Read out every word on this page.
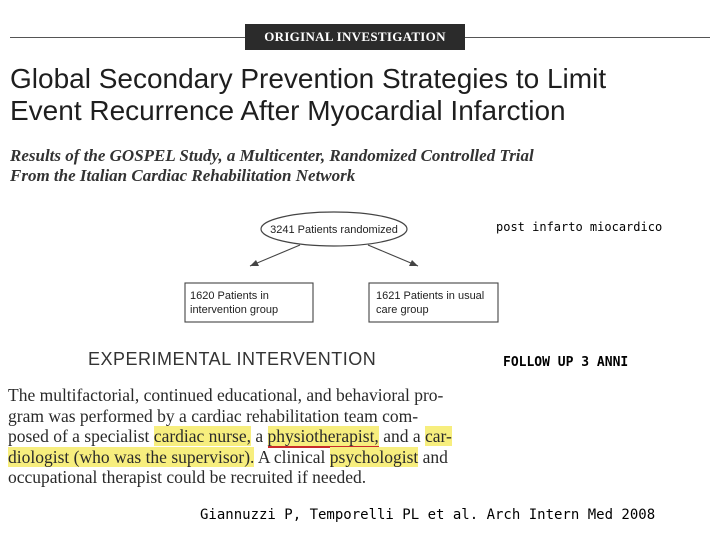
ORIGINAL INVESTIGATION
Global Secondary Prevention Strategies to Limit
Event Recurrence After Myocardial Infarction
Results of the GOSPEL Study, a Multicenter, Randomized Controlled Trial
From the Italian Cardiac Rehabilitation Network
3241 Patients randomized
1620 Patients in
intervention group
1621 Patients in usual
care group
post infarto miocardico
FOLLOW UP 3 ANNI
EXPERIMENTAL INTERVENTION
The multifactorial, continued educational, and behavioral pro-
gram was performed by a cardiac rehabilitation team com-
posed of a specialist cardiac nurse, a physiotherapist, and a car-
diologist (who was the supervisor). A clinical psychologist and
occupational therapist could be recruited if needed.
Giannuzzi P, Temporelli PL et al. Arch Intern Med 2008
